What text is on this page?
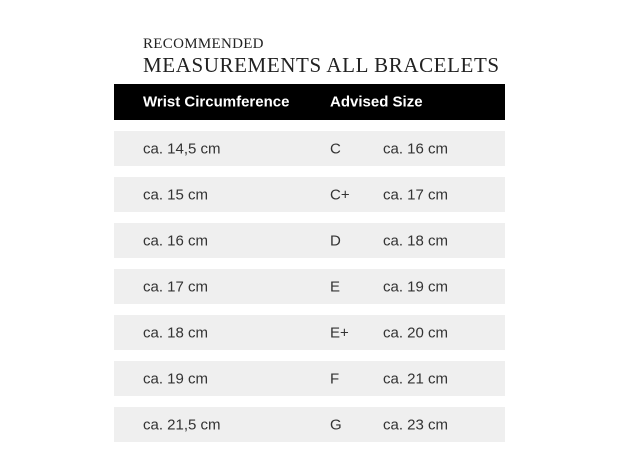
RECOMMENDED
MEASUREMENTS ALL BRACELETS
Wrist Circumference	Advised Size
ca. 14,5 cm	C	ca. 16 cm
ca. 15 cm	C+ ca. 17 cm
ca. 16 cm	D	ca. 18 cm
ca. 17 cm	E	ca. 19 cm
ca. 18 cm	E+ ca. 20 cm
ca. 19 cm	F	ca. 21 cm
ca. 21,5 cm	G	ca. 23 cm
